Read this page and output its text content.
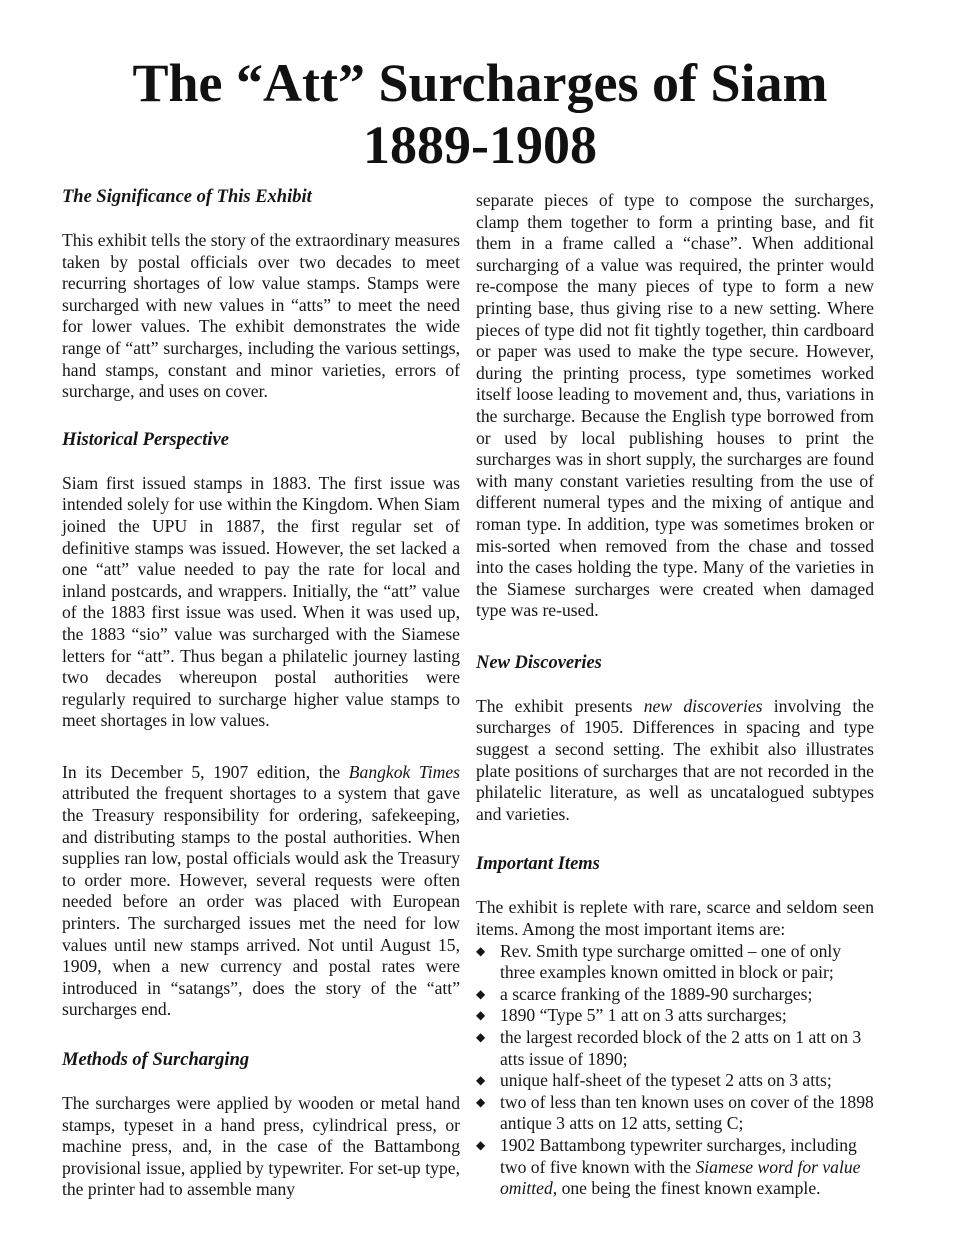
The “Att” Surcharges of Siam
1889-1908
The Significance of This Exhibit

This exhibit tells the story of the extraordinary measures taken by postal officials over two decades to meet recurring shortages of low value stamps. Stamps were surcharged with new values in “atts” to meet the need for lower values. The exhibit demonstrates the wide range of “att” surcharges, including the various settings, hand stamps, constant and minor varieties, errors of surcharge, and uses on cover.

Historical Perspective

Siam first issued stamps in 1883. The first issue was intended solely for use within the Kingdom. When Siam joined the UPU in 1887, the first regular set of definitive stamps was issued. However, the set lacked a one “att” value needed to pay the rate for local and inland postcards, and wrappers. Initially, the “att” value of the 1883 first issue was used. When it was used up, the 1883 “sio” value was surcharged with the Siamese letters for “att”. Thus began a philatelic journey lasting two decades whereupon postal authorities were regularly required to surcharge higher value stamps to meet shortages in low values.

In its December 5, 1907 edition, the Bangkok Times attributed the frequent shortages to a system that gave the Treasury responsibility for ordering, safekeeping, and distributing stamps to the postal authorities. When supplies ran low, postal officials would ask the Treasury to order more. However, several requests were often needed before an order was placed with European printers. The surcharged issues met the need for low values until new stamps arrived. Not until August 15, 1909, when a new currency and postal rates were introduced in “satangs”, does the story of the “att” surcharges end.

Methods of Surcharging

The surcharges were applied by wooden or metal hand stamps, typeset in a hand press, cylindrical press, or machine press, and, in the case of the Battambong provisional issue, applied by typewriter. For set-up type, the printer had to assemble many

separate pieces of type to compose the surcharges, clamp them together to form a printing base, and fit them in a frame called a “chase”. When additional surcharging of a value was required, the printer would re-compose the many pieces of type to form a new printing base, thus giving rise to a new setting. Where pieces of type did not fit tightly together, thin cardboard or paper was used to make the type secure. However, during the printing process, type sometimes worked itself loose leading to movement and, thus, variations in the surcharge. Because the English type borrowed from or used by local publishing houses to print the surcharges was in short supply, the surcharges are found with many constant varieties resulting from the use of different numeral types and the mixing of antique and roman type. In addition, type was sometimes broken or mis-sorted when removed from the chase and tossed into the cases holding the type. Many of the varieties in the Siamese surcharges were created when damaged type was re-used.

New Discoveries

The exhibit presents new discoveries involving the surcharges of 1905. Differences in spacing and type suggest a second setting. The exhibit also illustrates plate positions of surcharges that are not recorded in the philatelic literature, as well as uncatalogued subtypes and varieties.

Important Items

The exhibit is replete with rare, scarce and seldom seen items. Among the most important items are:

◆ Rev. Smith type surcharge omitted – one of only three examples known omitted in block or pair;
◆ a scarce franking of the 1889-90 surcharges;
◆ 1890 “Type 5” 1 att on 3 atts surcharges;
◆ the largest recorded block of the 2 atts on 1 att on 3 atts issue of 1890;
◆ unique half-sheet of the typeset 2 atts on 3 atts;
◆ two of less than ten known uses on cover of the 1898 antique 3 atts on 12 atts, setting C;
◆ 1902 Battambong typewriter surcharges, including two of five known with the Siamese word for value omitted, one being the finest known example.
